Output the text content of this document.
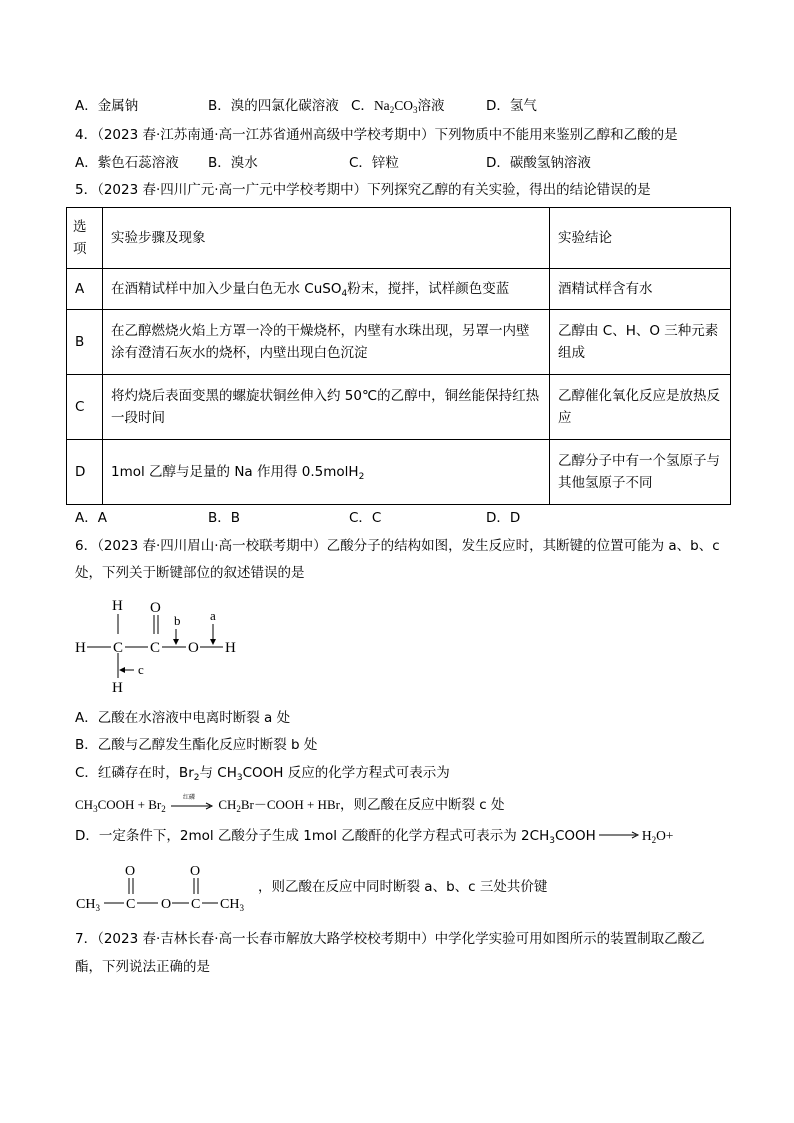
A．金属钠	B．溴的四氯化碳溶液 C．$Na_2CO_3$溶液	D．氢气
4．（2023 春·江苏南通·高一江苏省通州高级中学校考期中）下列物质中不能用来鉴别乙醇和乙酸的是
A．紫色石蕊溶液 B．溴水	C．锌粒	D．碳酸氢钠溶液
5．（2023 春·四川广元·高一广元中学校考期中）下列探究乙醇的有关实验，得出的结论错误的是
选
项	实验步骤及现象	实验结论
A	在酒精试样中加入少量白色无水 CuSO$_4$粉末，搅拌，试样颜色变蓝	酒精试样含有水
B	在乙醇燃烧火焰上方罩一冷的干燥烧杯，内壁有水珠出现，另罩一内壁涂有澄清石灰水的烧杯，内壁出现白色沉淀	乙醇由 C、H、O 三种元素组成
C	将灼烧后表面变黑的螺旋状铜丝伸入约 50℃的乙醇中，铜丝能保持红热一段时间	乙醇催化氧化反应是放热反应
D	1mol 乙醇与足量的 Na 作用得 0.5molH$_2$	乙醇分子中有一个氢原子与其他氢原子不同
A．A	B．B	C．C	D．D
6．（2023 春·四川眉山·高一校联考期中）乙酸分子的结构如图，发生反应时，其断键的位置可能为 a、b、c
处，下列关于断键部位的叙述错误的是
H
H C C
O
O H
H
b a
c
A．乙酸在水溶液中电离时断裂 a 处
B．乙酸与乙醇发生酯化反应时断裂 b 处
C．红磷存在时，$Br_2$与 $CH_3COOH$ 反应的化学方程式可表示为
$CH_3COOH + Br_2$
红磷 $CH_2Br-COOH$ + HBr，则乙酸在反应中断裂 c 处
D．一定条件下，2mol 乙酸分子生成 1mol 乙酸酐的化学方程式可表示为 $2CH_3COOH$	$H_2O+$
$CH_3$ C
O
O C
O
$CH_3$
，则乙酸在反应中同时断裂 a、b、c 三处共价键
7．（2023 春·吉林长春·高一长春市解放大路学校校考期中）中学化学实验可用如图所示的装置制取乙酸乙
酯，下列说法正确的是
